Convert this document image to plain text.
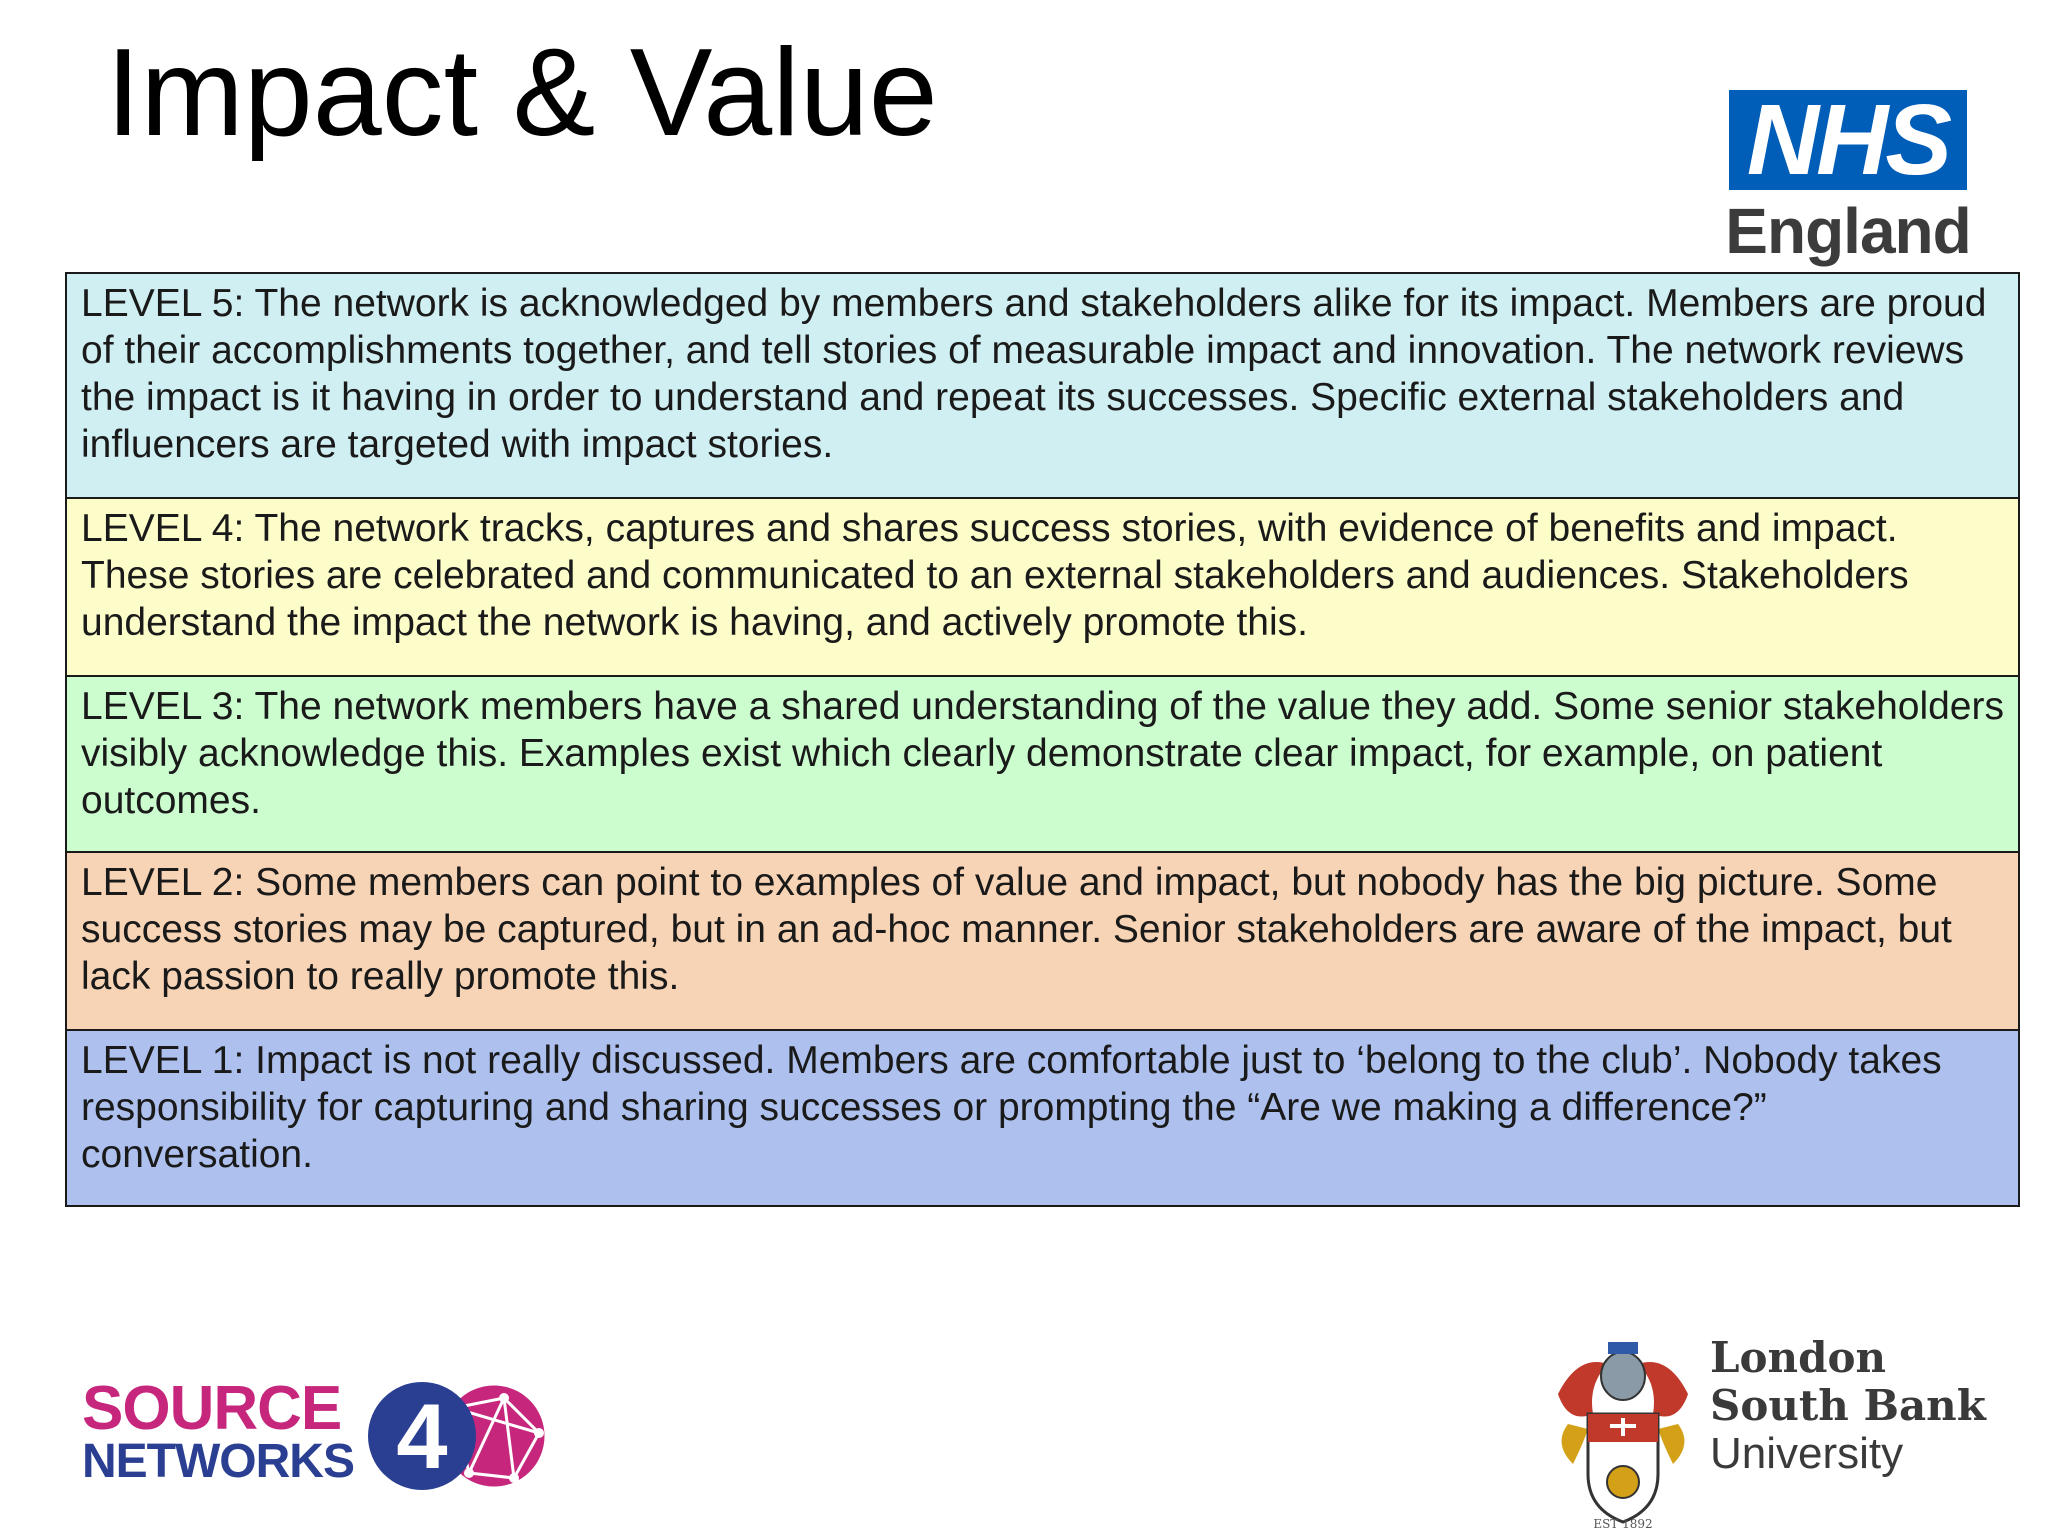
Impact & Value	NHS
England

LEVEL 5: The network is acknowledged by members and stakeholders alike for its impact. Members are proud of their accomplishments together, and tell stories of measurable impact and innovation. The network reviews the impact is it having in order to understand and repeat its successes. Specific external stakeholders and influencers are targeted with impact stories.

LEVEL 4: The network tracks, captures and shares success stories, with evidence of benefits and impact. These stories are celebrated and communicated to an external stakeholders and audiences. Stakeholders understand the impact the network is having, and actively promote this.

LEVEL 3: The network members have a shared understanding of the value they add. Some senior stakeholders visibly acknowledge this. Examples exist which clearly demonstrate clear impact, for example, on patient outcomes.

LEVEL 2: Some members can point to examples of value and impact, but nobody has the big picture. Some success stories may be captured, but in an ad-hoc manner. Senior stakeholders are aware of the impact, but lack passion to really promote this.

LEVEL 1: Impact is not really discussed. Members are comfortable just to ‘belong to the club’. Nobody takes responsibility for capturing and sharing successes or prompting the “Are we making a difference?” conversation.

SOURCE
NETWORKS 4
EST 1892
London
South Bank
University
